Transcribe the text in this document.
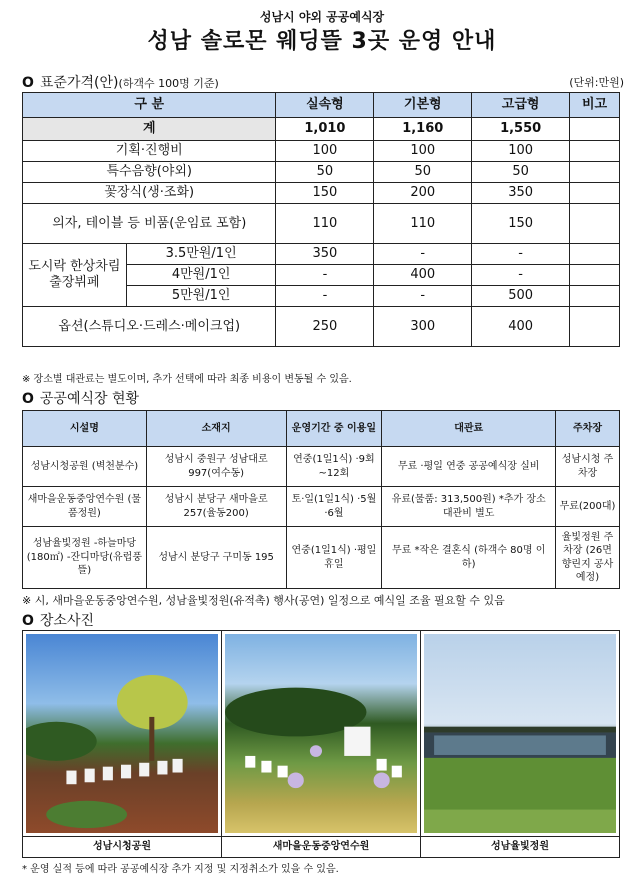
성남시 야외 공공예식장
성남 솔로몬 웨딩뜰 3곳 운영 안내
O 표준가격(안)(하객수 100명 기준)	(단위:만원)
구 분		실속형	기본형	고급형	비고
계		1,010	1,160	1,550	
기획·진행비		100	100	100	
특수음향(야외)		50	50	50	
꽃장식(생·조화)		150	200	350	
의자, 테이블 등 비품(운임료 포함)		110	110	150	
도시락 한상차림 출장뷔페	3.5만원/1인	350	-	-	
	4만원/1인	-	400	-	
	5만원/1인	-	-	500	
옵션(스튜디오·드레스·메이크업)		250	300	400	
※ 장소별 대관료는 별도이며, 추가 선택에 따라 최종 비용이 변동될 수 있음.
O 공공예식장 현황
시설명	소재지	운영기간 중 이용일	대관료	주차장
성남시청공원 (벽천분수)	성남시 중원구 성남대로 997(여수동)	연중(1일1식) ·9회~12회	무료 ·평일 연중 공공예식장 실비	성남시청 주차장
새마을운동중앙연수원 (물품정원)	성남시 분당구 새마을로 257(율동200)	토·일(1일1식) ·5월·6월	유료(물품: 313,500원) *추가 장소 대관비 별도	무료(200대)
성남율빛정원 -하늘마당(180㎡) -잔디마당(유럽풍 뜰)	성남시 분당구 구미동 195	연중(1일1식) ·평일 휴일	무료 *작은 결혼식 (하객수 80명 이하)	율빛정원 주차장 (26면 향린지 공사 예정)
※ 시, 새마을운동중앙연수원, 성남율빛정원(유적촉) 행사(공연) 일정으로 예식일 조율 필요할 수 있음
O 장소사진
성남시청공원	새마을운동중앙연수원	성남율빛정원
* 운영 실적 등에 따라 공공예식장 추가 지정 및 지정취소가 있을 수 있음.
